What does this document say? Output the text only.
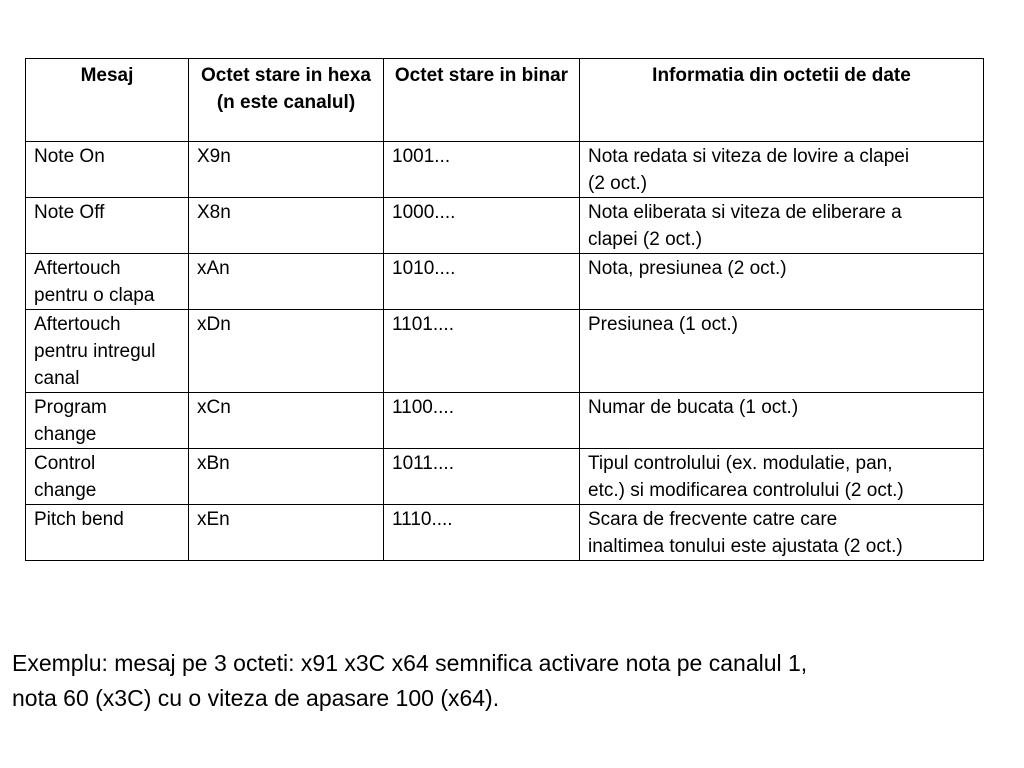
Mesaj	Octet stare in hexa (n este canalul)	Octet stare in binar	Informatia din octetii de date
Note On	X9n	1001...	Nota redata si viteza de lovire a clapei
(2 oct.)
Note Off	X8n	1000....	Nota eliberata si viteza de eliberare a
clapei (2 oct.)
Aftertouch
pentru o clapa	xAn	1010....	Nota, presiunea (2 oct.)
Aftertouch
pentru intregul
canal	xDn	1101....	Presiunea (1 oct.)
Program
change	xCn	1100....	Numar de bucata (1 oct.)
Control
change	xBn	1011....	Tipul controlului (ex. modulatie, pan,
etc.) si modificarea controlului (2 oct.)
Pitch bend	xEn	1110....	Scara de frecvente catre care
inaltimea tonului este ajustata (2 oct.)

Exemplu: mesaj pe 3 octeti: x91 x3C x64 semnifica activare nota pe canalul 1,
nota 60 (x3C) cu o viteza de apasare 100 (x64).
